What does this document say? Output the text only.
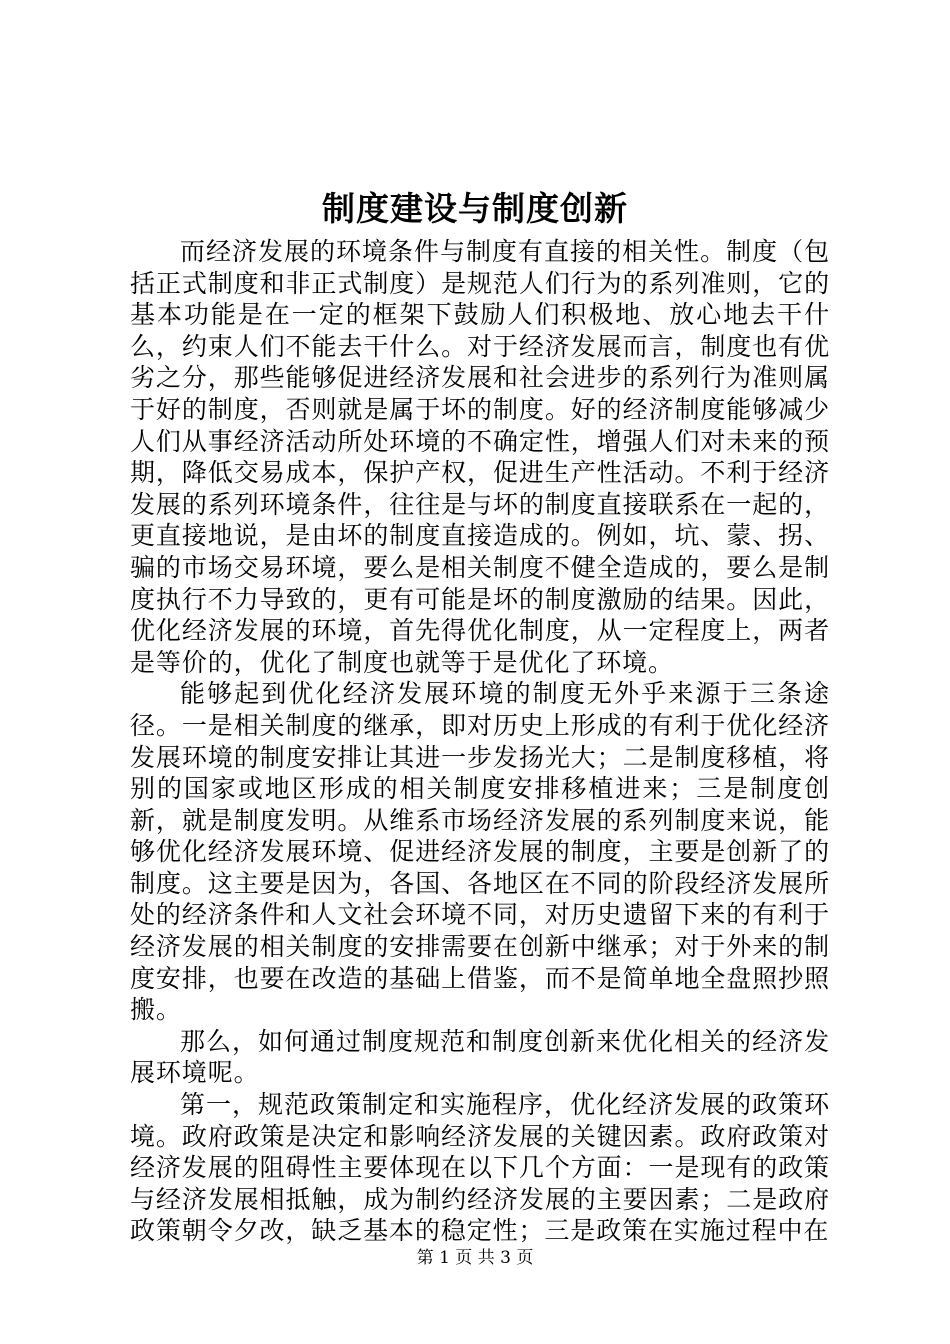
制度建设与制度创新

而经济发展的环境条件与制度有直接的相关性。制度（包括正式制度和非正式制度）是规范人们行为的系列准则，它的基本功能是在一定的框架下鼓励人们积极地、放心地去干什么，约束人们不能去干什么。对于经济发展而言，制度也有优劣之分，那些能够促进经济发展和社会进步的系列行为准则属于好的制度，否则就是属于坏的制度。好的经济制度能够减少人们从事经济活动所处环境的不确定性，增强人们对未来的预期，降低交易成本，保护产权，促进生产性活动。不利于经济发展的系列环境条件，往往是与坏的制度直接联系在一起的，更直接地说，是由坏的制度直接造成的。例如，坑、蒙、拐、骗的市场交易环境，要么是相关制度不健全造成的，要么是制度执行不力导致的，更有可能是坏的制度激励的结果。因此，优化经济发展的环境，首先得优化制度，从一定程度上，两者是等价的，优化了制度也就等于是优化了环境。

能够起到优化经济发展环境的制度无外乎来源于三条途径。一是相关制度的继承，即对历史上形成的有利于优化经济发展环境的制度安排让其进一步发扬光大；二是制度移植，将别的国家或地区形成的相关制度安排移植进来；三是制度创新，就是制度发明。从维系市场经济发展的系列制度来说，能够优化经济发展环境、促进经济发展的制度，主要是创新了的制度。这主要是因为，各国、各地区在不同的阶段经济发展所处的经济条件和人文社会环境不同，对历史遗留下来的有利于经济发展的相关制度的安排需要在创新中继承；对于外来的制度安排，也要在改造的基础上借鉴，而不是简单地全盘照抄照搬。

那么，如何通过制度规范和制度创新来优化相关的经济发展环境呢。

第一，规范政策制定和实施程序，优化经济发展的政策环境。政府政策是决定和影响经济发展的关键因素。政府政策对经济发展的阻碍性主要体现在以下几个方面：一是现有的政策与经济发展相抵触，成为制约经济发展的主要因素；二是政府政策朝令夕改，缺乏基本的稳定性；三是政策在实施过程中在

第 1 页 共 3 页
